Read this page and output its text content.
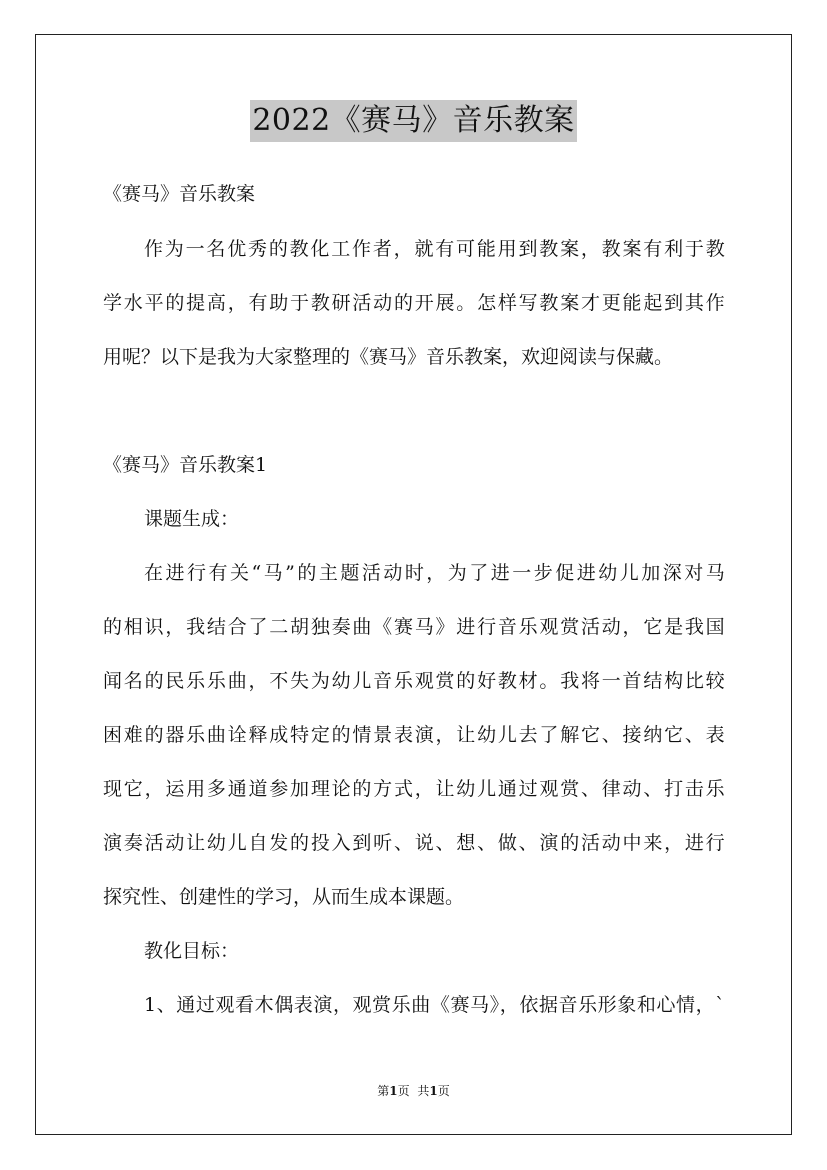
2022《赛马》音乐教案
《赛马》音乐教案
作为一名优秀的教化工作者，就有可能用到教案，教案有利于教
学水平的提高，有助于教研活动的开展。怎样写教案才更能起到其作
用呢？以下是我为大家整理的《赛马》音乐教案，欢迎阅读与保藏。
《赛马》音乐教案1
课题生成：
在进行有关“马”的主题活动时，为了进一步促进幼儿加深对马
的相识，我结合了二胡独奏曲《赛马》进行音乐观赏活动，它是我国
闻名的民乐乐曲，不失为幼儿音乐观赏的好教材。我将一首结构比较
困难的器乐曲诠释成特定的情景表演，让幼儿去了解它、接纳它、表
现它，运用多通道参加理论的方式，让幼儿通过观赏、律动、打击乐
演奏活动让幼儿自发的投入到听、说、想、做、演的活动中来，进行
探究性、创建性的学习，从而生成本课题。
教化目标：
1、通过观看木偶表演，观赏乐曲《赛马》，依据音乐形象和心情，`
第1页 共1页
